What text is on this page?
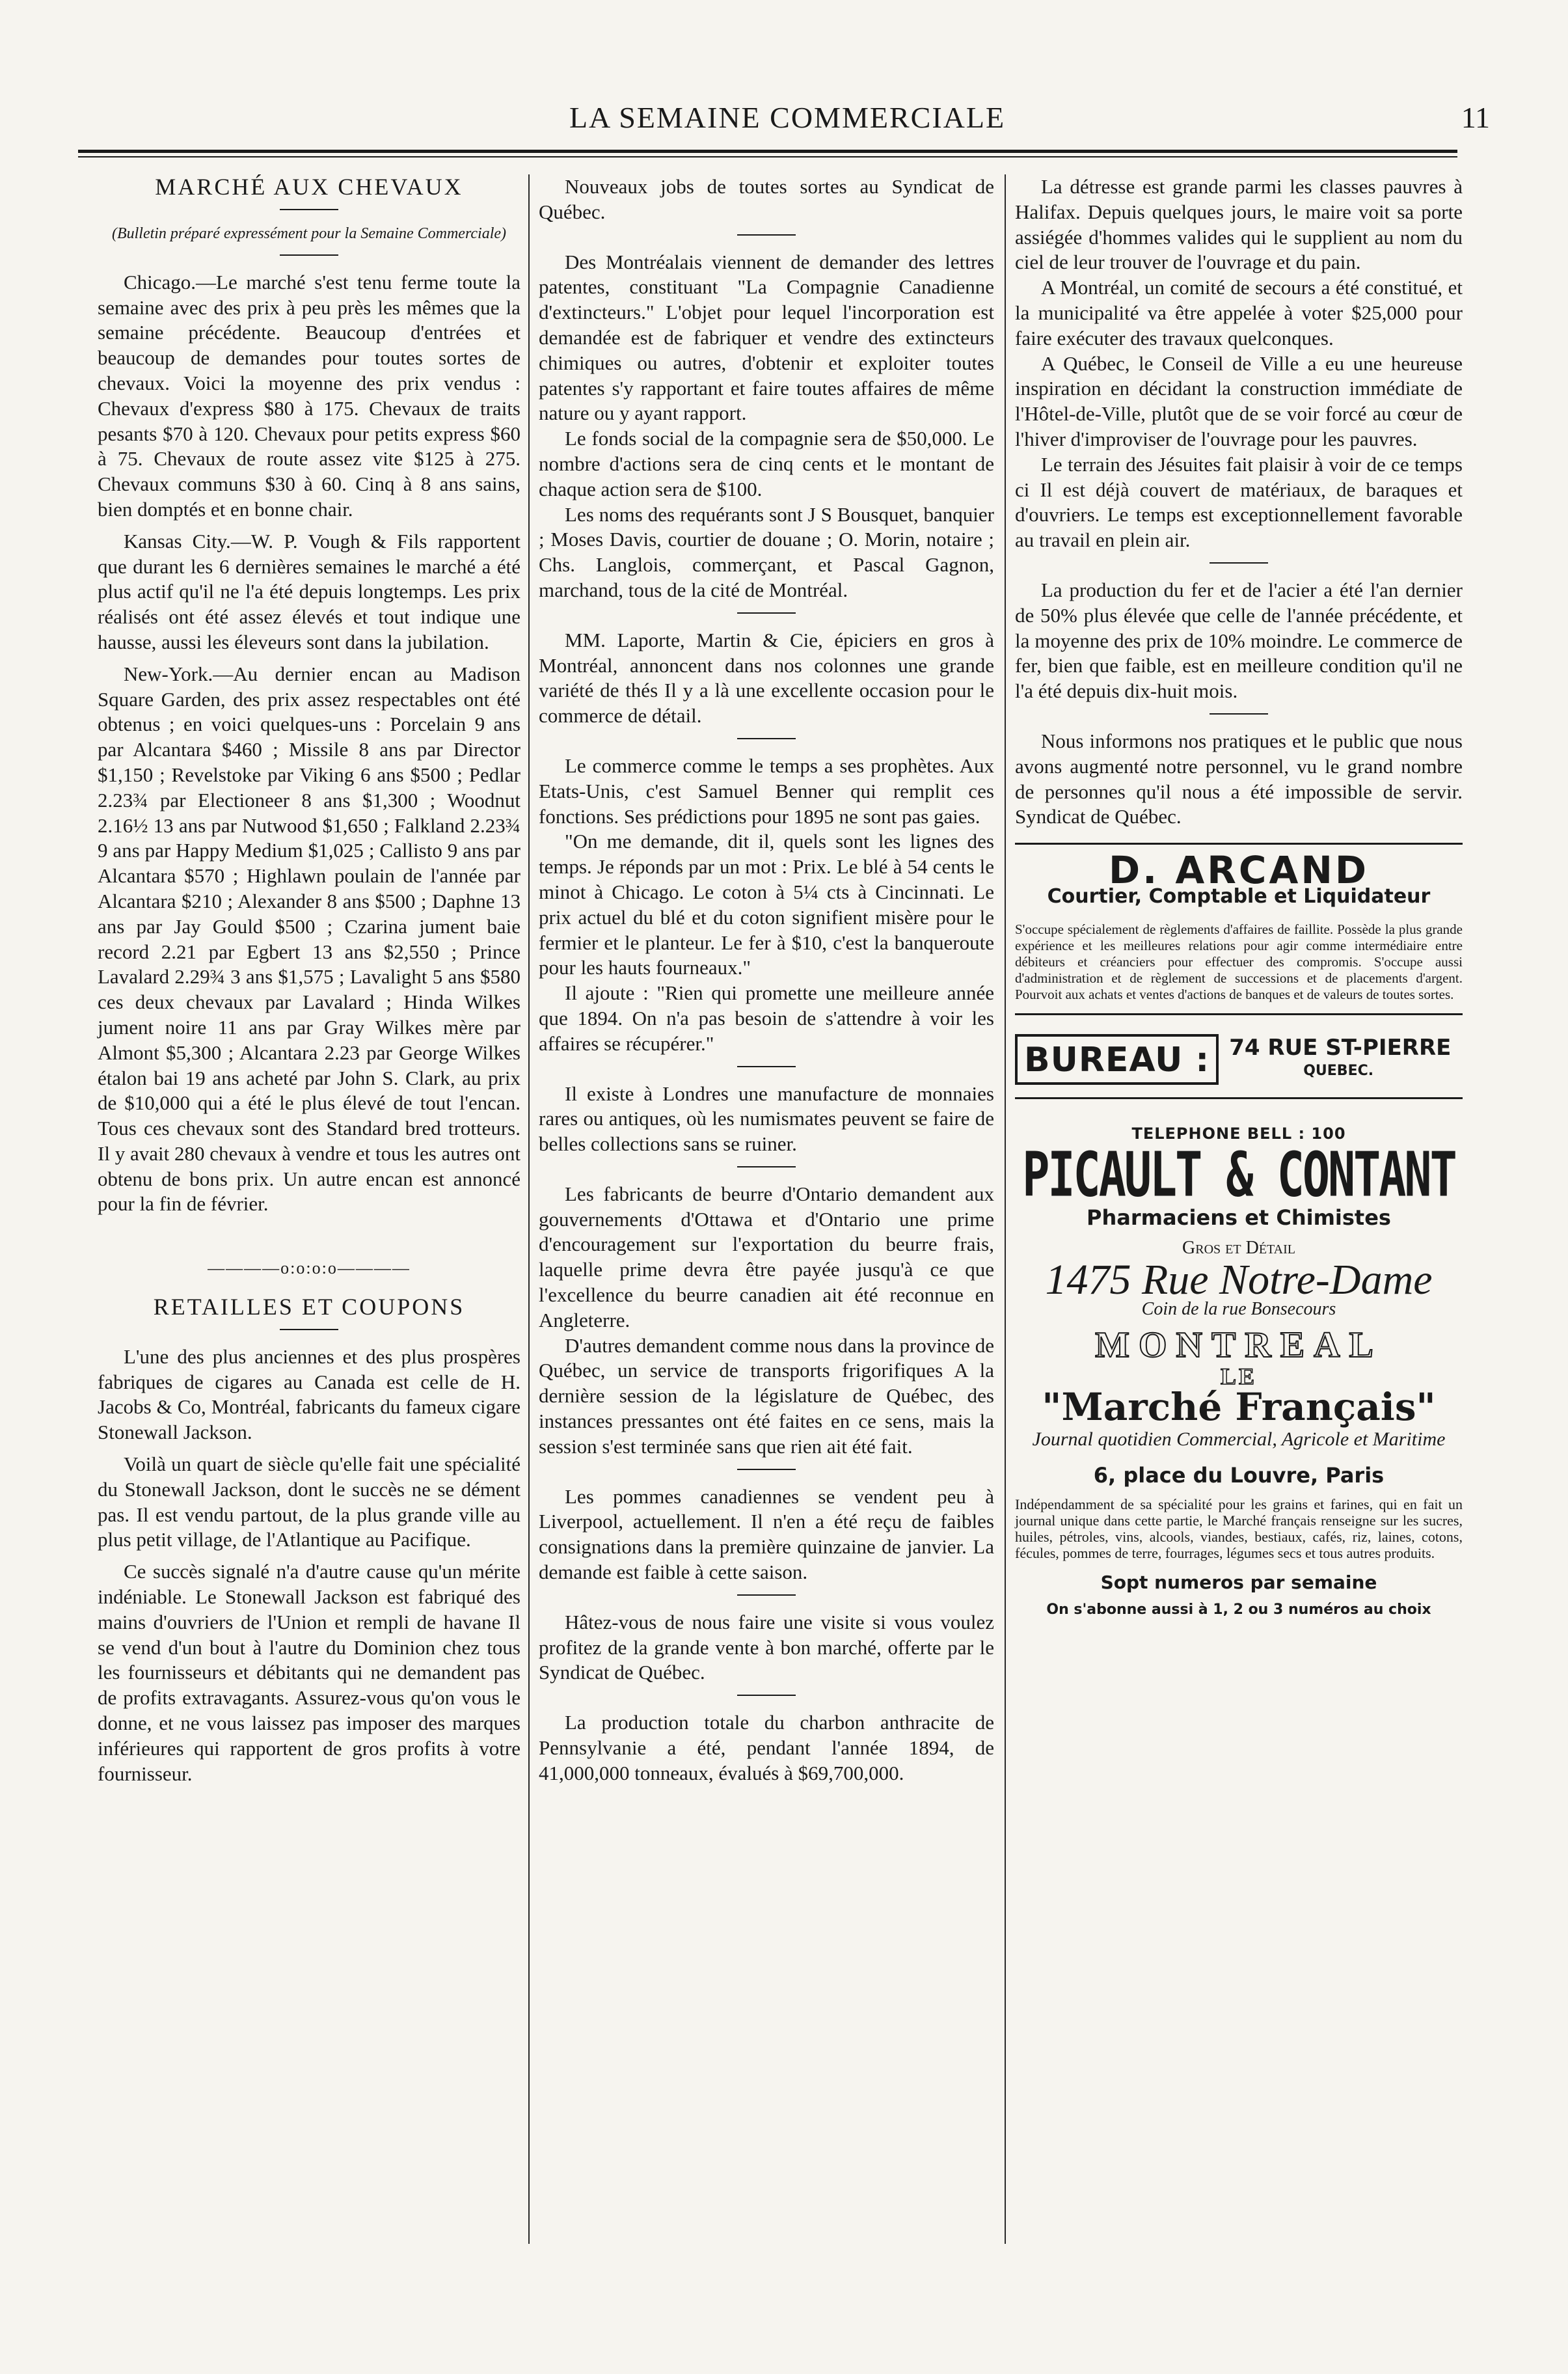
LA SEMAINE COMMERCIALE	11
MARCHÉ AUX CHEVAUX
(Bulletin préparé expressément pour la Semaine Commerciale)

Chicago.—Le marché s'est tenu ferme toute la semaine avec des prix à peu près les mêmes que la semaine précédente. Beaucoup d'entrées et beaucoup de demandes pour toutes sortes de chevaux. Voici la moyenne des prix vendus : Chevaux d'express $80 à 175. Chevaux de traits pesants $70 à 120. Chevaux pour petits express $60 à 75. Chevaux de route assez vite $125 à 275. Chevaux communs $30 à 60. Cinq à 8 ans sains, bien domptés et en bonne chair.

Kansas City.—W. P. Vough & Fils rapportent que durant les 6 dernières semaines le marché a été plus actif qu'il ne l'a été depuis longtemps. Les prix réalisés ont été assez élevés et tout indique une hausse, aussi les éleveurs sont dans la jubilation.

New-York.—Au dernier encan au Madison Square Garden, des prix assez respectables ont été obtenus ; en voici quelques-uns : Porcelain 9 ans par Alcantara $460 ; Missile 8 ans par Director $1,150 ; Revelstoke par Viking 6 ans $500 ; Pedlar 2.23¾ par Electioneer 8 ans $1,300 ; Woodnut 2.16½ 13 ans par Nutwood $1,650 ; Falkland 2.23¾ 9 ans par Happy Medium $1,025 ; Callisto 9 ans par Alcantara $570 ; Highlawn poulain de l'année par Alcantara $210 ; Alexander 8 ans $500 ; Daphne 13 ans par Jay Gould $500 ; Czarina jument baie record 2.21 par Egbert 13 ans $2,550 ; Prince Lavalard 2.29¾ 3 ans $1,575 ; Lavalight 5 ans $580 ces deux chevaux par Lavalard ; Hinda Wilkes jument noire 11 ans par Gray Wilkes mère par Almont $5,300 ; Alcantara 2.23 par George Wilkes étalon bai 19 ans acheté par John S. Clark, au prix de $10,000 qui a été le plus élevé de tout l'encan. Tous ces chevaux sont des Standard bred trotteurs. Il y avait 280 chevaux à vendre et tous les autres ont obtenu de bons prix. Un autre encan est annoncé pour la fin de février.

————o:o:o:o————
RETAILLES ET COUPONS

L'une des plus anciennes et des plus prospères fabriques de cigares au Canada est celle de H. Jacobs & Co, Montréal, fabricants du fameux cigare Stonewall Jackson.

Voilà un quart de siècle qu'elle fait une spécialité du Stonewall Jackson, dont le succès ne se dément pas. Il est vendu partout, de la plus grande ville au plus petit village, de l'Atlantique au Pacifique.

Ce succès signalé n'a d'autre cause qu'un mérite indéniable. Le Stonewall Jackson est fabriqué des mains d'ouvriers de l'Union et rempli de havane Il se vend d'un bout à l'autre du Dominion chez tous les fournisseurs et débitants qui ne demandent pas de profits extravagants. Assurez-vous qu'on vous le donne, et ne vous laissez pas imposer des marques inférieures qui rapportent de gros profits à votre fournisseur.

Nouveaux jobs de toutes sortes au Syndicat de Québec.

Des Montréalais viennent de demander des lettres patentes, constituant "La Compagnie Canadienne d'extincteurs." L'objet pour lequel l'incorporation est demandée est de fabriquer et vendre des extincteurs chimiques ou autres, d'obtenir et exploiter toutes patentes s'y rapportant et faire toutes affaires de même nature ou y ayant rapport.

Le fonds social de la compagnie sera de $50,000. Le nombre d'actions sera de cinq cents et le montant de chaque action sera de $100.

Les noms des requérants sont J S Bousquet, banquier ; Moses Davis, courtier de douane ; O. Morin, notaire ; Chs. Langlois, commerçant, et Pascal Gagnon, marchand, tous de la cité de Montréal.

MM. Laporte, Martin & Cie, épiciers en gros à Montréal, annoncent dans nos colonnes une grande variété de thés Il y a là une excellente occasion pour le commerce de détail.

Le commerce comme le temps a ses prophètes. Aux Etats-Unis, c'est Samuel Benner qui remplit ces fonctions. Ses prédictions pour 1895 ne sont pas gaies.

"On me demande, dit il, quels sont les lignes des temps. Je réponds par un mot : Prix. Le blé à 54 cents le minot à Chicago. Le coton à 5¼ cts à Cincinnati. Le prix actuel du blé et du coton signifient misère pour le fermier et le planteur. Le fer à $10, c'est la banqueroute pour les hauts fourneaux."

Il ajoute : "Rien qui promette une meilleure année que 1894. On n'a pas besoin de s'attendre à voir les affaires se récupérer."

Il existe à Londres une manufacture de monnaies rares ou antiques, où les numismates peuvent se faire de belles collections sans se ruiner.

Les fabricants de beurre d'Ontario demandent aux gouvernements d'Ottawa et d'Ontario une prime d'encouragement sur l'exportation du beurre frais, laquelle prime devra être payée jusqu'à ce que l'excellence du beurre canadien ait été reconnue en Angleterre.

D'autres demandent comme nous dans la province de Québec, un service de transports frigorifiques A la dernière session de la législature de Québec, des instances pressantes ont été faites en ce sens, mais la session s'est terminée sans que rien ait été fait.

Les pommes canadiennes se vendent peu à Liverpool, actuellement. Il n'en a été reçu de faibles consignations dans la première quinzaine de janvier. La demande est faible à cette saison.

Hâtez-vous de nous faire une visite si vous voulez profitez de la grande vente à bon marché, offerte par le Syndicat de Québec.

La production totale du charbon anthracite de Pennsylvanie a été, pendant l'année 1894, de 41,000,000 tonneaux, évalués à $69,700,000.

La détresse est grande parmi les classes pauvres à Halifax. Depuis quelques jours, le maire voit sa porte assiégée d'hommes valides qui le supplient au nom du ciel de leur trouver de l'ouvrage et du pain.

A Montréal, un comité de secours a été constitué, et la municipalité va être appelée à voter $25,000 pour faire exécuter des travaux quelconques.

A Québec, le Conseil de Ville a eu une heureuse inspiration en décidant la construction immédiate de l'Hôtel-de-Ville, plutôt que de se voir forcé au cœur de l'hiver d'improviser de l'ouvrage pour les pauvres.

Le terrain des Jésuites fait plaisir à voir de ce temps ci Il est déjà couvert de matériaux, de baraques et d'ouvriers. Le temps est exceptionnellement favorable au travail en plein air.

La production du fer et de l'acier a été l'an dernier de 50% plus élevée que celle de l'année précédente, et la moyenne des prix de 10% moindre. Le commerce de fer, bien que faible, est en meilleure condition qu'il ne l'a été depuis dix-huit mois.

Nous informons nos pratiques et le public que nous avons augmenté notre personnel, vu le grand nombre de personnes qu'il nous a été impossible de servir. Syndicat de Québec.

D. ARCAND
Courtier, Comptable et Liquidateur

S'occupe spécialement de règlements d'affaires de faillite. Possède la plus grande expérience et les meilleures relations pour agir comme intermédiaire entre débiteurs et créanciers pour effectuer des compromis. S'occupe aussi d'administration et de règlement de successions et de placements d'argent. Pourvoit aux achats et ventes d'actions de banques et de valeurs de toutes sortes.

BUREAU : 74 RUE ST-PIERRE
QUEBEC.
TELEPHONE BELL : 100
PICAULT & CONTANT
Pharmaciens et Chimistes
Gros et Détail
1475 Rue Notre-Dame
Coin de la rue Bonsecours
MONTREAL
LE
"Marché Français"
Journal quotidien Commercial, Agricole et Maritime
6, place du Louvre, Paris

Indépendamment de sa spécialité pour les grains et farines, qui en fait un journal unique dans cette partie, le Marché français renseigne sur les sucres, huiles, pétroles, vins, alcools, viandes, bestiaux, cafés, riz, laines, cotons, fécules, pommes de terre, fourrages, légumes secs et tous autres produits.

Sopt numeros par semaine
On s'abonne aussi à 1, 2 ou 3 numéros au choix
